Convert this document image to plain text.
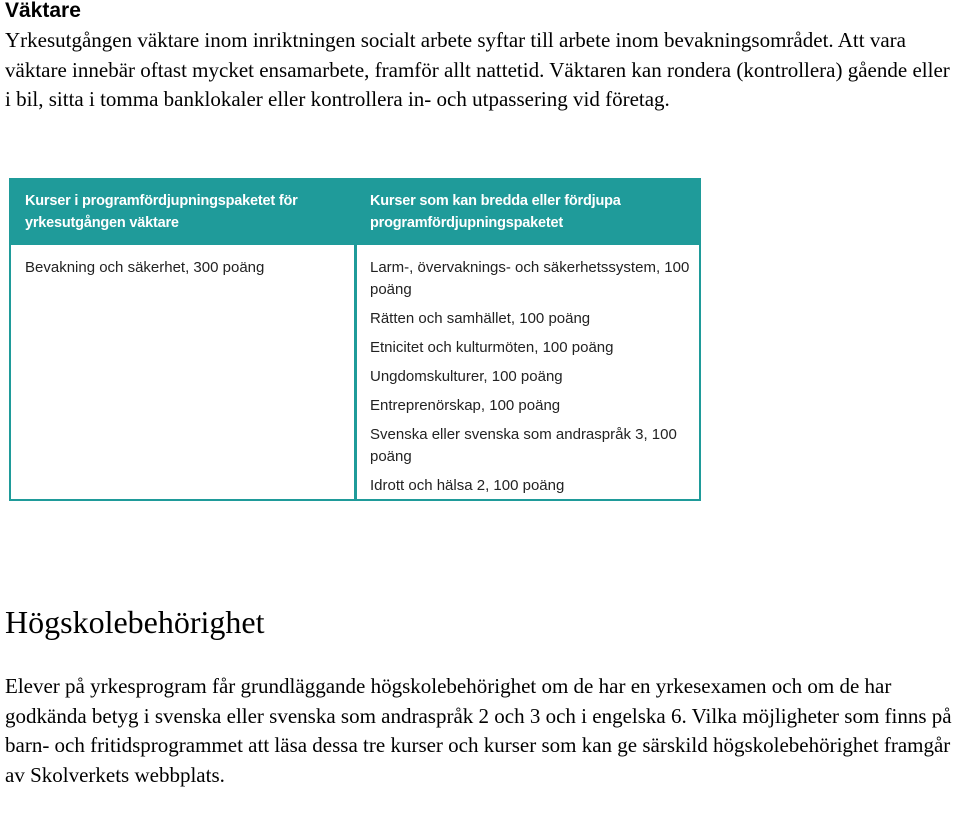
Väktare

Yrkesutgången väktare inom inriktningen socialt arbete syftar till arbete inom bevakningsområdet. Att vara väktare innebär oftast mycket ensamarbete, framför allt nattetid. Väktaren kan rondera (kontrollera) gående eller i bil, sitta i tomma banklokaler eller kontrollera in- och utpassering vid företag.

Kurser i programfördjupningspaketet för yrkesutgången väktare
Kurser som kan bredda eller fördjupa programfördjupningspaketet
Bevakning och säkerhet, 300 poäng	Larm-, övervaknings- och säkerhetssystem, 100 poäng
Rätten och samhället, 100 poäng
Etnicitet och kulturmöten, 100 poäng
Ungdomskulturer, 100 poäng
Entreprenörskap, 100 poäng
Svenska eller svenska som andraspråk 3, 100 poäng
Idrott och hälsa 2, 100 poäng
Högskolebehörighet

Elever på yrkesprogram får grundläggande högskolebehörighet om de har en yrkesexamen och om de har godkända betyg i svenska eller svenska som andraspråk 2 och 3 och i engelska 6. Vilka möjligheter som finns på barn- och fritidsprogrammet att läsa dessa tre kurser och kurser som kan ge särskild högskolebehörighet framgår av Skolverkets webbplats.
